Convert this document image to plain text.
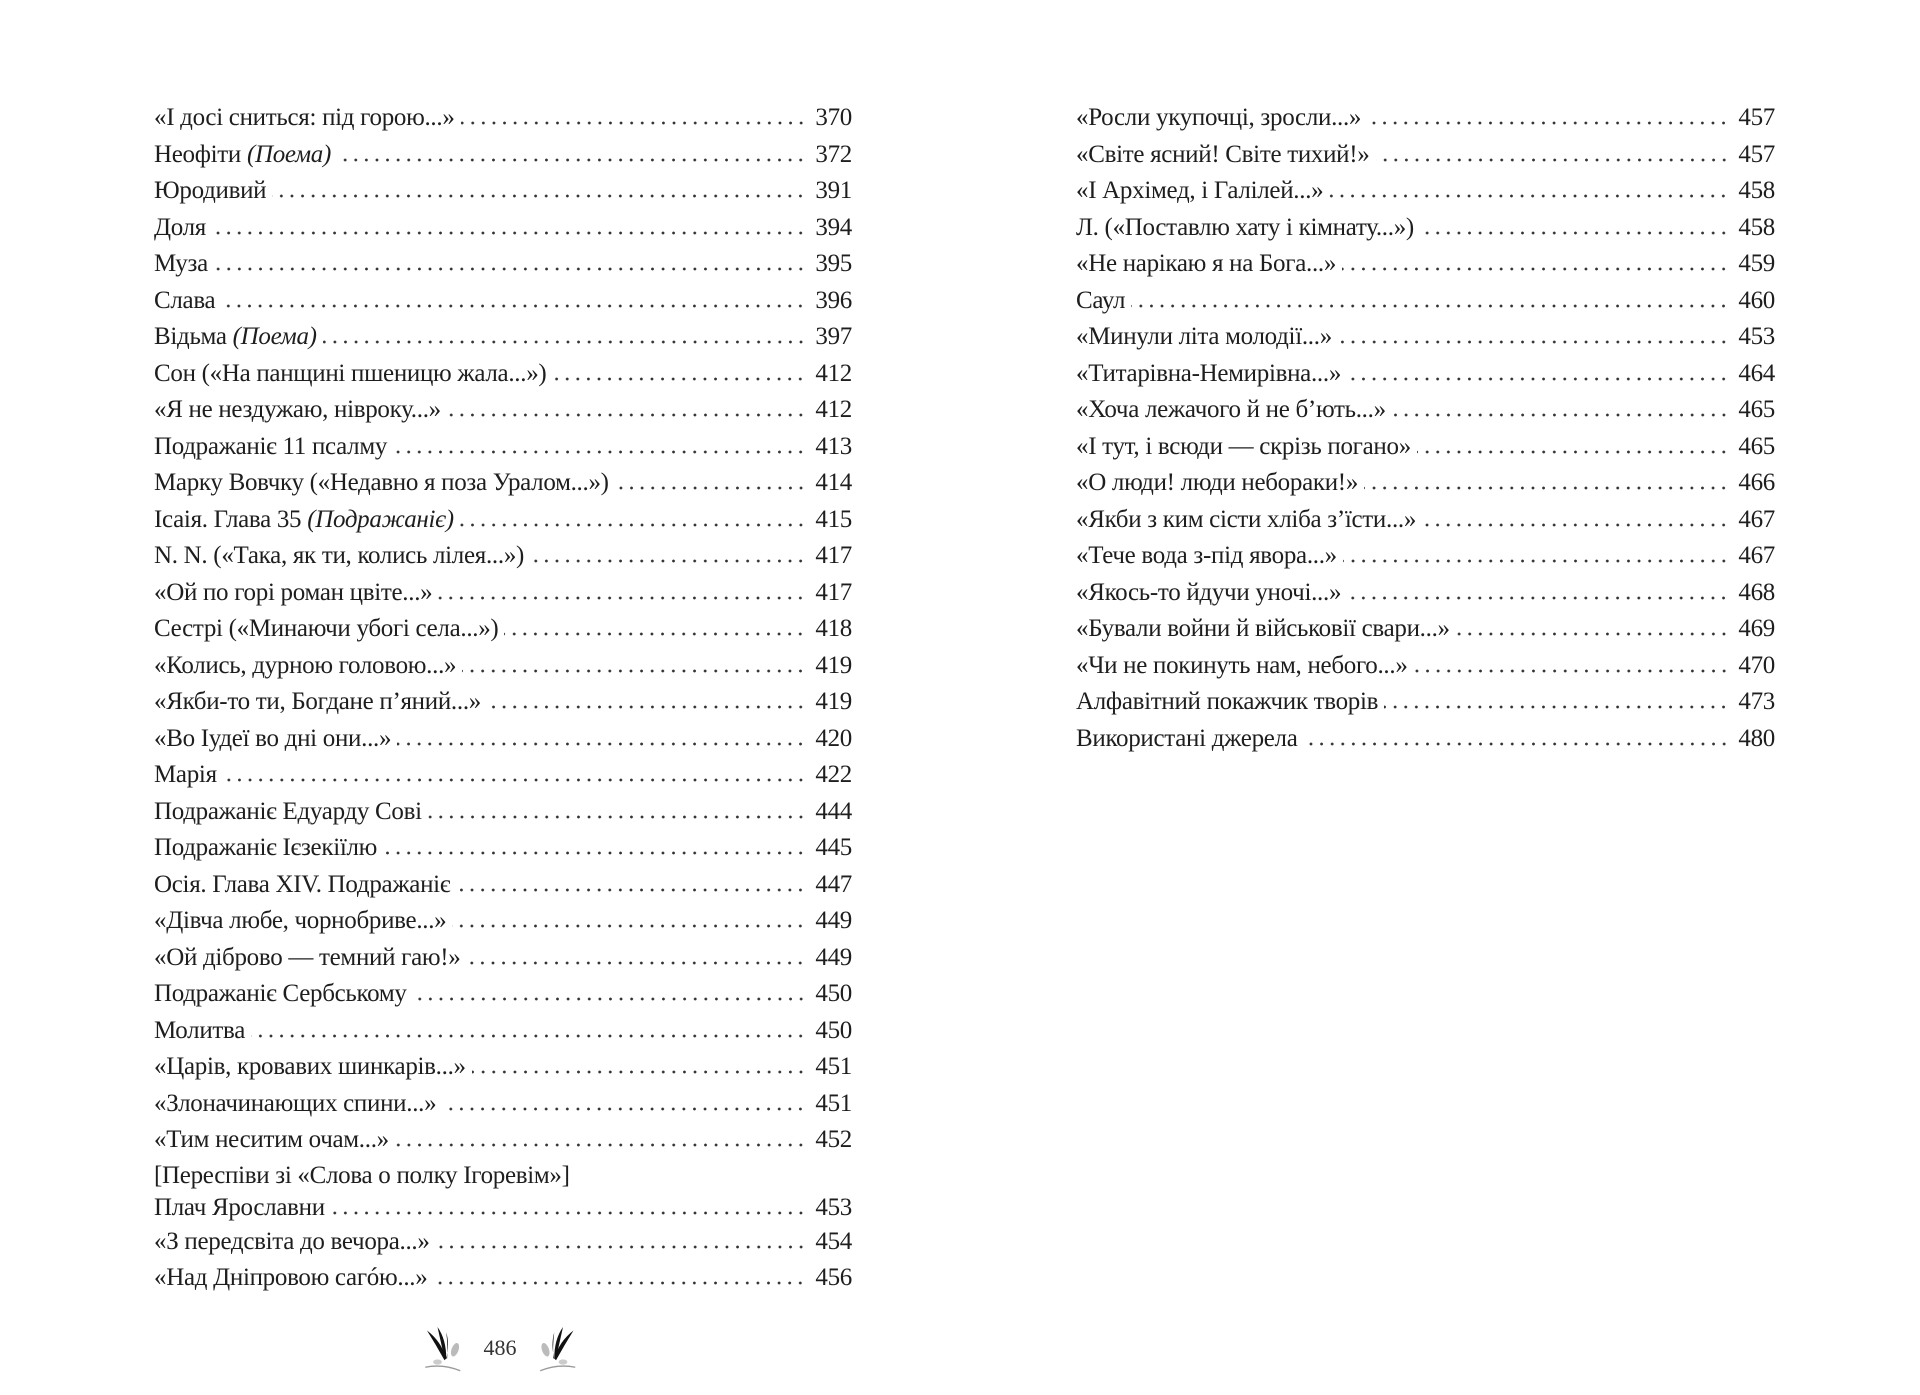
«І досі сниться: під горою...»	370
Неофіти (Поема)	372
Юродивий	391
Доля	394
Муза	395
Слава	396
Відьма (Поема)	397
Сон («На панщині пшеницю жала...»)	412
«Я не нездужаю, нівроку...»	412
Подражаніє 11 псалму	413
Марку Вовчку («Недавно я поза Уралом...»)	414
Ісаія. Глава 35 (Подражаніє)	415
N. N. («Така, як ти, колись лілея...»)	417
«Ой по горі роман цвіте...»	417
Сестрі («Минаючи убогі села...»)	418
«Колись, дурною головою...»	419
«Якби-то ти, Богдане п’яний...»	419
«Во Іудеї во дні они...»	420
Марія	422
Подражаніє Едуарду Сові	444
Подражаніє Ієзекіїлю	445
Осія. Глава XIV. Подражаніє	447
«Дівча любе, чорнобриве...»	449
«Ой діброво — темний гаю!»	449
Подражаніє Сербському	450
Молитва	450
«Царів, кровавих шинкарів...»	451
«Злоначинающих спини...»	451
«Тим неситим очам...»	452
[Переспіви зі «Слова о полку Ігоревім»]
Плач Ярославни	453
«З передсвіта до вечора...»	454
«Над Дніпровою сагóю...»	456
«Росли укупочці, зросли...»	457
«Світе ясний! Світе тихий!»	457
«І Архімед, і Галілей...»	458
Л. («Поставлю хату і кімнату...»)	458
«Не нарікаю я на Бога...»	459
Саул	460
«Минули літа молодії...»	453
«Титарівна-Немирівна...»	464
«Хоча лежачого й не б’ють...»	465
«І тут, і всюди — скрізь погано»	465
«О люди! люди небораки!»	466
«Якби з ким сісти хліба з’їсти...»	467
«Тече вода з-під явора...»	467
«Якось-то йдучи уночі...»	468
«Бували войни й військовії свари...»	469
«Чи не покинуть нам, небого...»	470
Алфавітний покажчик творів	473
Використані джерела	480
486
